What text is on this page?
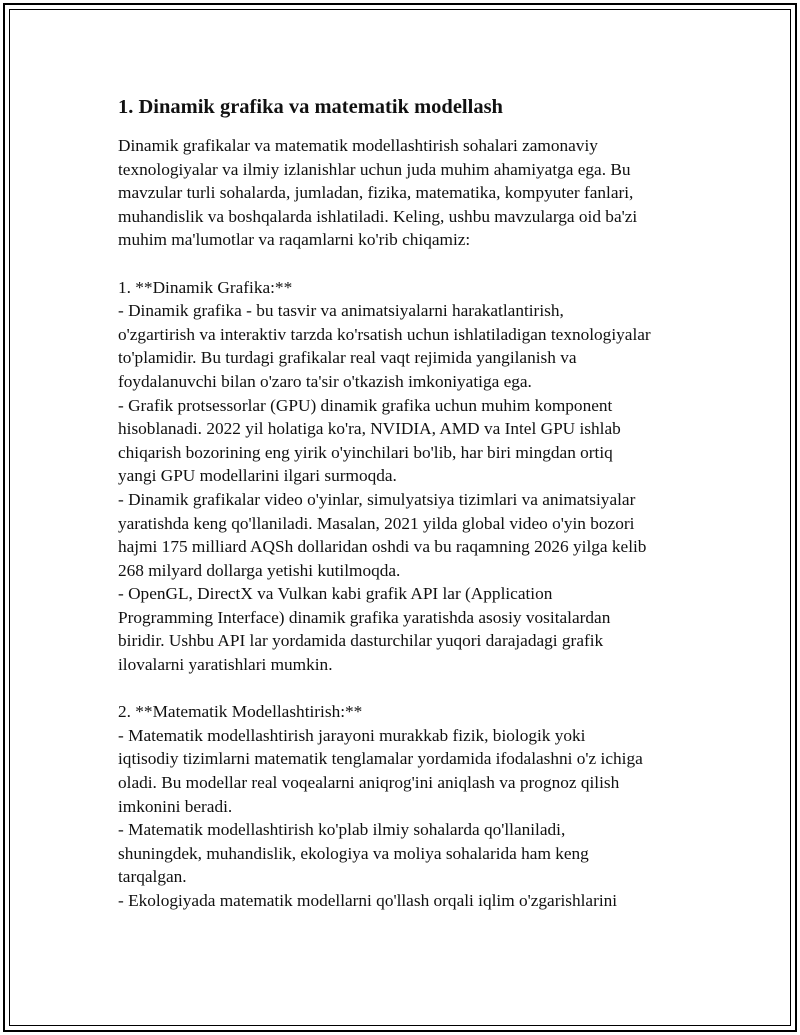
1. Dinamik grafika va matematik modellash

Dinamik grafikalar va matematik modellashtirish sohalari zamonaviy
texnologiyalar va ilmiy izlanishlar uchun juda muhim ahamiyatga ega. Bu
mavzular turli sohalarda, jumladan, fizika, matematika, kompyuter fanlari,
muhandislik va boshqalarda ishlatiladi. Keling, ushbu mavzularga oid ba'zi
muhim ma'lumotlar va raqamlarni ko'rib chiqamiz:

1. **Dinamik Grafika:**

- Dinamik grafika - bu tasvir va animatsiyalarni harakatlantirish,
o'zgartirish va interaktiv tarzda ko'rsatish uchun ishlatiladigan texnologiyalar
to'plamidir. Bu turdagi grafikalar real vaqt rejimida yangilanish va
foydalanuvchi bilan o'zaro ta'sir o'tkazish imkoniyatiga ega.

- Grafik protsessorlar (GPU) dinamik grafika uchun muhim komponent
hisoblanadi. 2022 yil holatiga ko'ra, NVIDIA, AMD va Intel GPU ishlab
chiqarish bozorining eng yirik o'yinchilari bo'lib, har biri mingdan ortiq
yangi GPU modellarini ilgari surmoqda.

- Dinamik grafikalar video o'yinlar, simulyatsiya tizimlari va animatsiyalar
yaratishda keng qo'llaniladi. Masalan, 2021 yilda global video o'yin bozori
hajmi 175 milliard AQSh dollaridan oshdi va bu raqamning 2026 yilga kelib
268 milyard dollarga yetishi kutilmoqda.

- OpenGL, DirectX va Vulkan kabi grafik API lar (Application
Programming Interface) dinamik grafika yaratishda asosiy vositalardan
biridir. Ushbu API lar yordamida dasturchilar yuqori darajadagi grafik
ilovalarni yaratishlari mumkin.

2. **Matematik Modellashtirish:**

- Matematik modellashtirish jarayoni murakkab fizik, biologik yoki
iqtisodiy tizimlarni matematik tenglamalar yordamida ifodalashni o'z ichiga
oladi. Bu modellar real voqealarni aniqrog'ini aniqlash va prognoz qilish
imkonini beradi.

- Matematik modellashtirish ko'plab ilmiy sohalarda qo'llaniladi,
shuningdek, muhandislik, ekologiya va moliya sohalarida ham keng
tarqalgan.

- Ekologiyada matematik modellarni qo'llash orqali iqlim o'zgarishlarini
